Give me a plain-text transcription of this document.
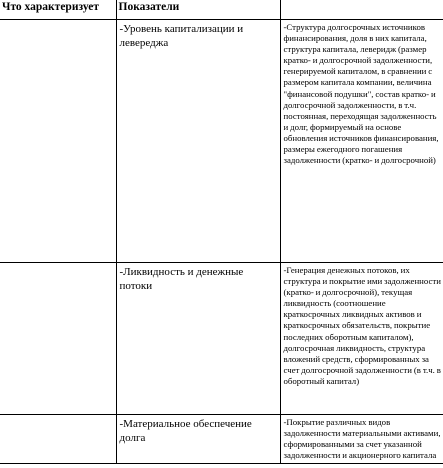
Что характеризует	Показатели	
	-Уровень капитализации и левереджа	-Структура долгосрочных источников финансирования, доля в них капитала, структура капитала, леверидж (размер кратко- и долгосрочной задолженности, генерируемой капиталом, в сравнении с размером капитала компании, величина "финансовой подушки", состав кратко- и долгосрочной задолженности, в т.ч. постоянная, переходящая задолженность и долг, формируемый на основе обновления источников финансирования, размеры ежегодного погашения задолженности (кратко- и долгосрочной)
	-Ликвидность и денежные потоки	-Генерация денежных потоков, их структура и покрытие ими задолженности (кратко- и долгосрочной), текущая ликвидность (соотношение краткосрочных ликвидных активов и краткосрочных обязательств, покрытие последних оборотным капиталом), долгосрочная ликвидность, структура вложений средств, сформированных за счет долгосрочной задолженности (в т.ч. в оборотный капитал)
	-Материальное обеспечение долга	-Покрытие различных видов задолженности материальными активами, сформированными за счет указанной задолженности и акционерного капитала
